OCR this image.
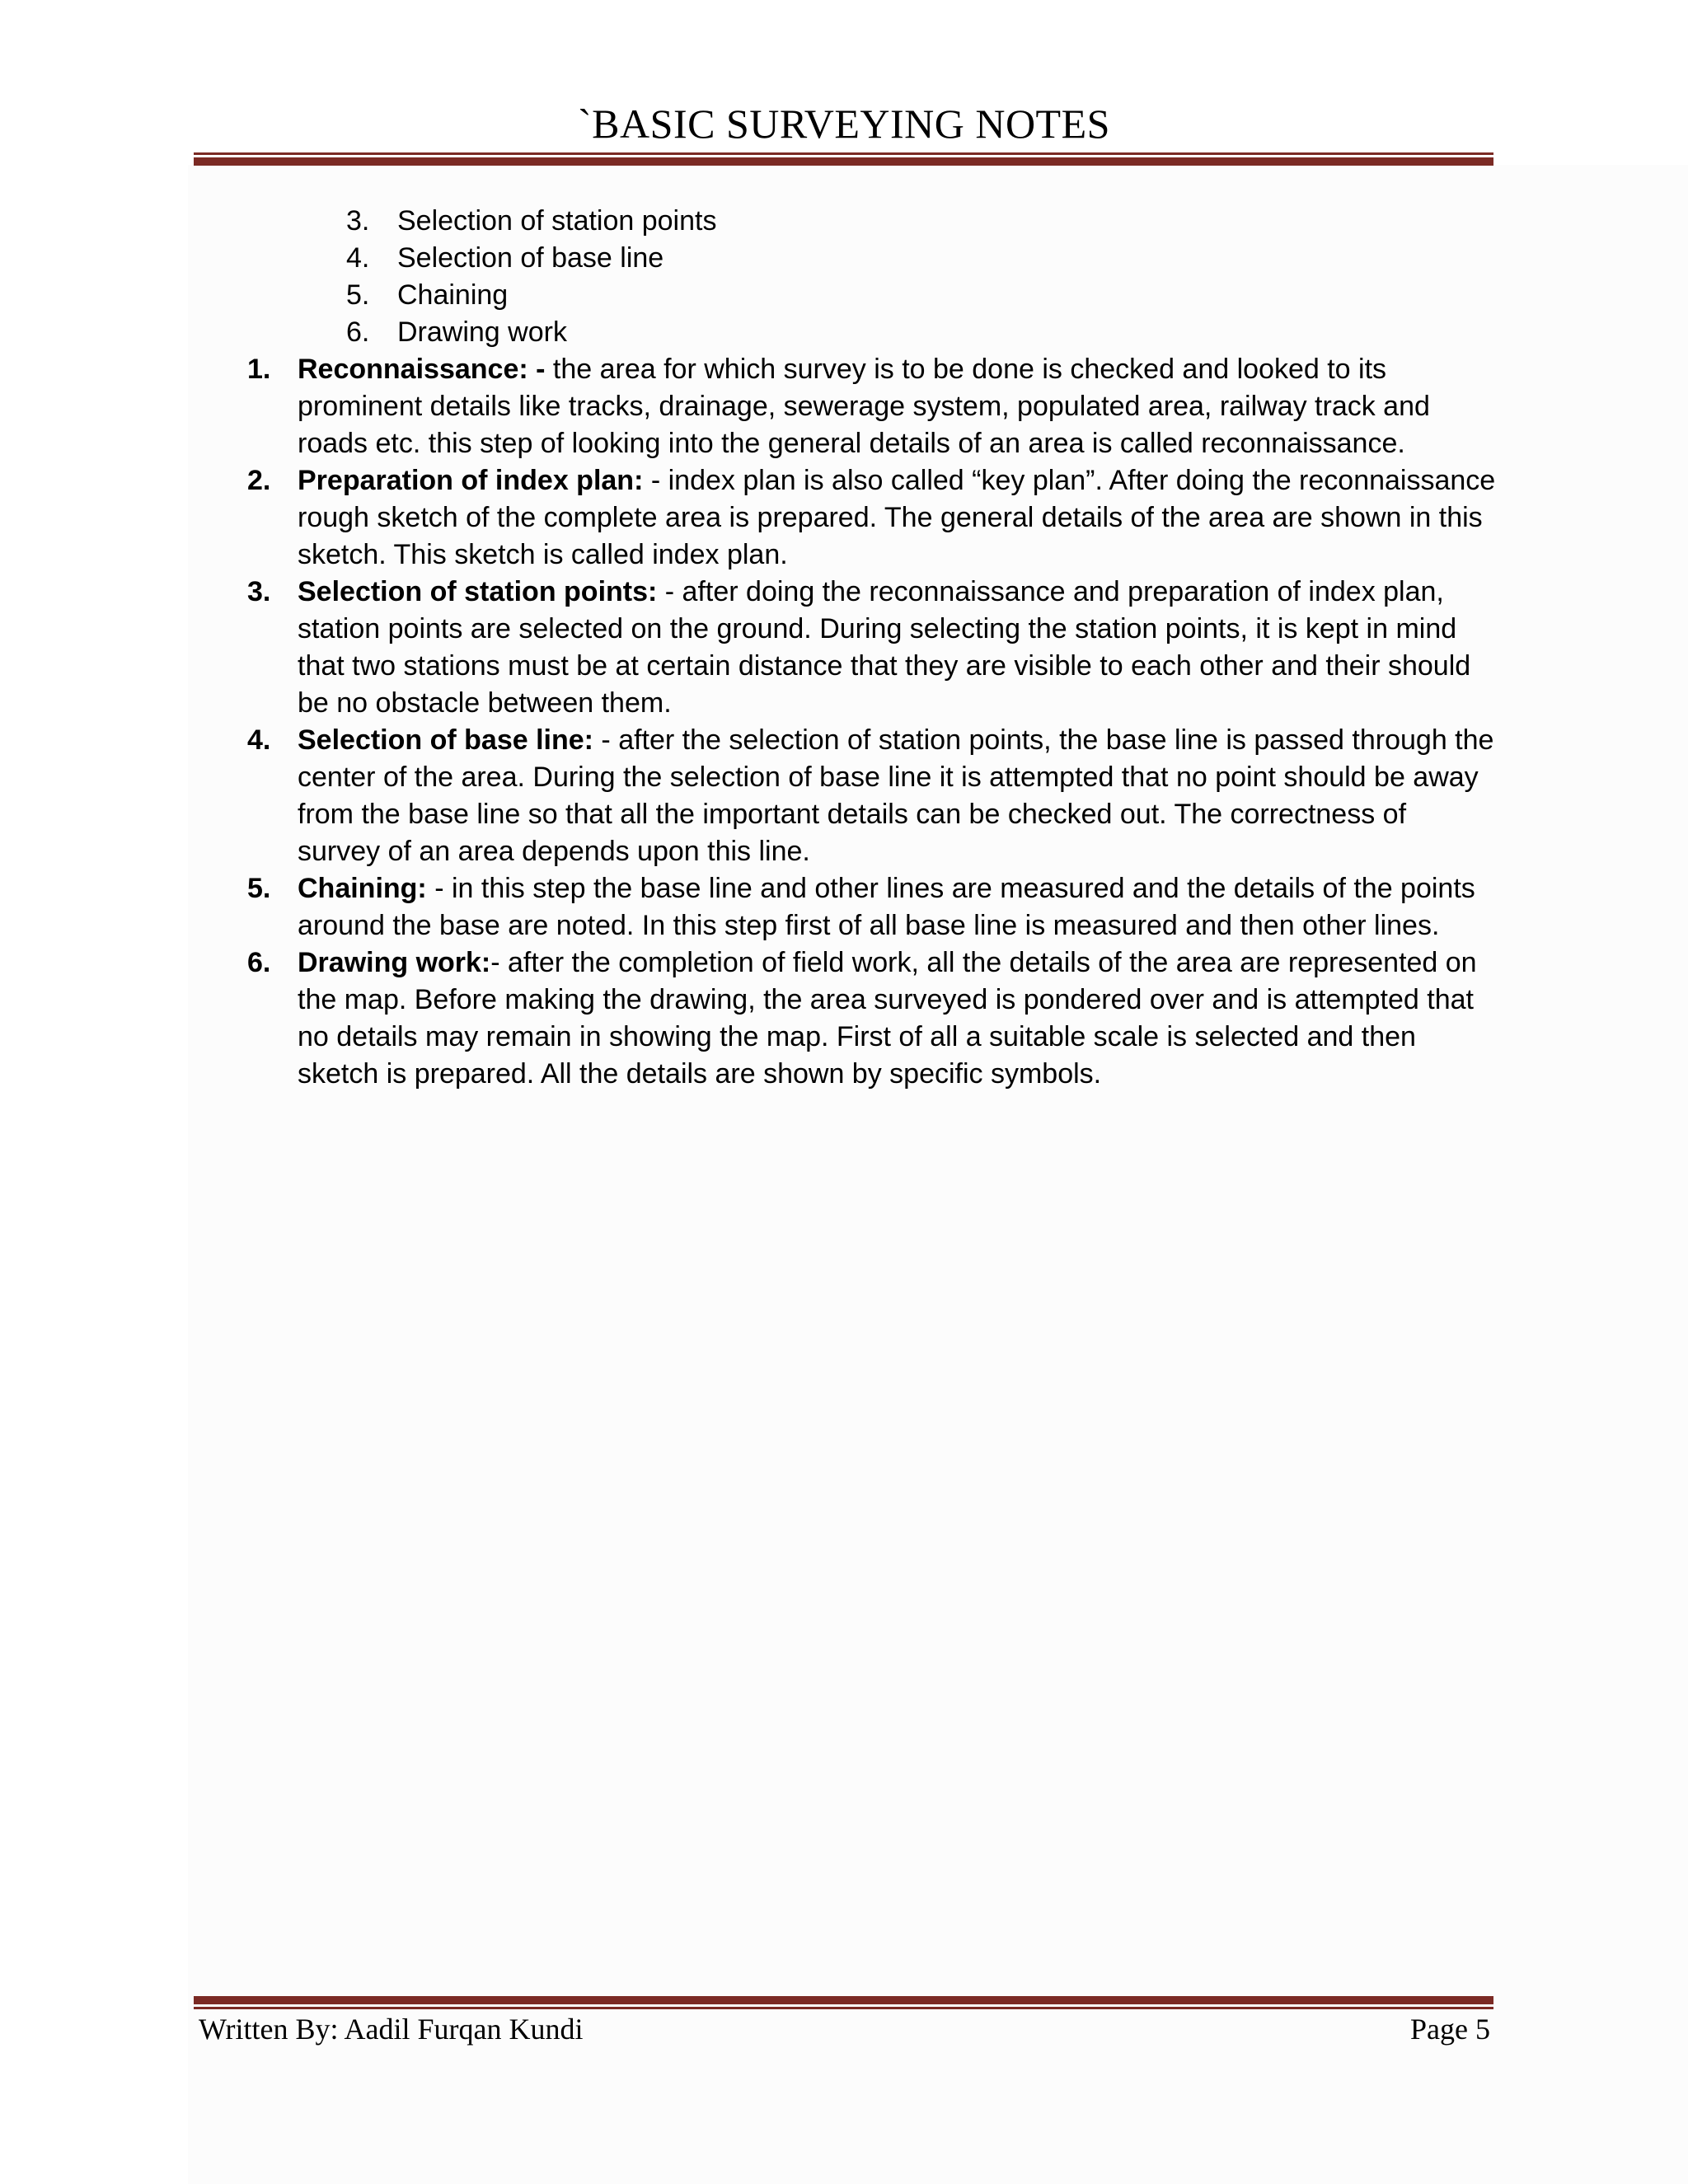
`BASIC SURVEYING NOTES
3. Selection of station points
4. Selection of base line
5. Chaining
6. Drawing work
1. Reconnaissance: - the area for which survey is to be done is checked and looked to its
prominent details like tracks, drainage, sewerage system, populated area, railway track and
roads etc. this step of looking into the general details of an area is called reconnaissance.
2. Preparation of index plan: - index plan is also called “key plan”. After doing the reconnaissance
rough sketch of the complete area is prepared. The general details of the area are shown in this
sketch. This sketch is called index plan.
3. Selection of station points: - after doing the reconnaissance and preparation of index plan,
station points are selected on the ground. During selecting the station points, it is kept in mind
that two stations must be at certain distance that they are visible to each other and their should
be no obstacle between them.
4. Selection of base line: - after the selection of station points, the base line is passed through the
center of the area. During the selection of base line it is attempted that no point should be away
from the base line so that all the important details can be checked out. The correctness of
survey of an area depends upon this line.
5. Chaining: - in this step the base line and other lines are measured and the details of the points
around the base are noted. In this step first of all base line is measured and then other lines.
6. Drawing work:- after the completion of field work, all the details of the area are represented on
the map. Before making the drawing, the area surveyed is pondered over and is attempted that
no details may remain in showing the map. First of all a suitable scale is selected and then
sketch is prepared. All the details are shown by specific symbols.
Written By: Aadil Furqan Kundi	Page 5
